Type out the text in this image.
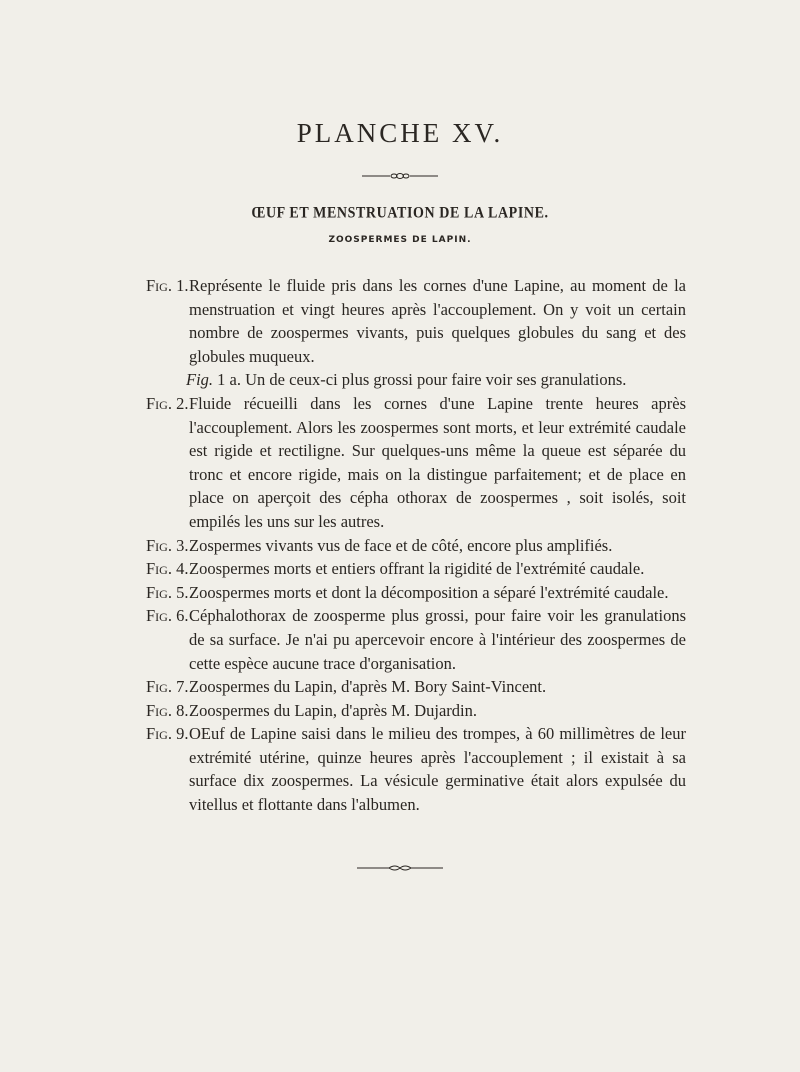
PLANCHE XV.
ŒUF ET MENSTRUATION DE LA LAPINE.
ZOOSPERMES DE LAPIN.
Fig. 1. Représente le fluide pris dans les cornes d'une Lapine, au moment de la menstruation et vingt heures après l'accouplement. On y voit un certain nombre de zoospermes vivants, puis quelques globules du sang et des globules muqueux.
Fig. 1 a. Un de ceux-ci plus grossi pour faire voir ses granulations.
Fig. 2. Fluide récueilli dans les cornes d'une Lapine trente heures après l'accouplement. Alors les zoospermes sont morts, et leur extrémité caudale est rigide et rectiligne. Sur quelques-uns même la queue est séparée du tronc et encore rigide, mais on la distingue parfaitement; et de place en place on aperçoit des cépha othorax de zoospermes , soit isolés, soit empilés les uns sur les autres.
Fig. 3. Zospermes vivants vus de face et de côté, encore plus amplifiés.
Fig. 4. Zoospermes morts et entiers offrant la rigidité de l'extrémité caudale.
Fig. 5. Zoospermes morts et dont la décomposition a séparé l'extrémité caudale.
Fig. 6. Céphalothorax de zoosperme plus grossi, pour faire voir les granulations de sa surface. Je n'ai pu apercevoir encore à l'intérieur des zoospermes de cette espèce aucune trace d'organisation.
Fig. 7. Zoospermes du Lapin, d'après M. Bory Saint-Vincent.
Fig. 8. Zoospermes du Lapin, d'après M. Dujardin.
Fig. 9. OEuf de Lapine saisi dans le milieu des trompes, à 60 millimètres de leur extrémité utérine, quinze heures après l'accouplement ; il existait à sa surface dix zoospermes. La vésicule germinative était alors expulsée du vitellus et flottante dans l'albumen.
